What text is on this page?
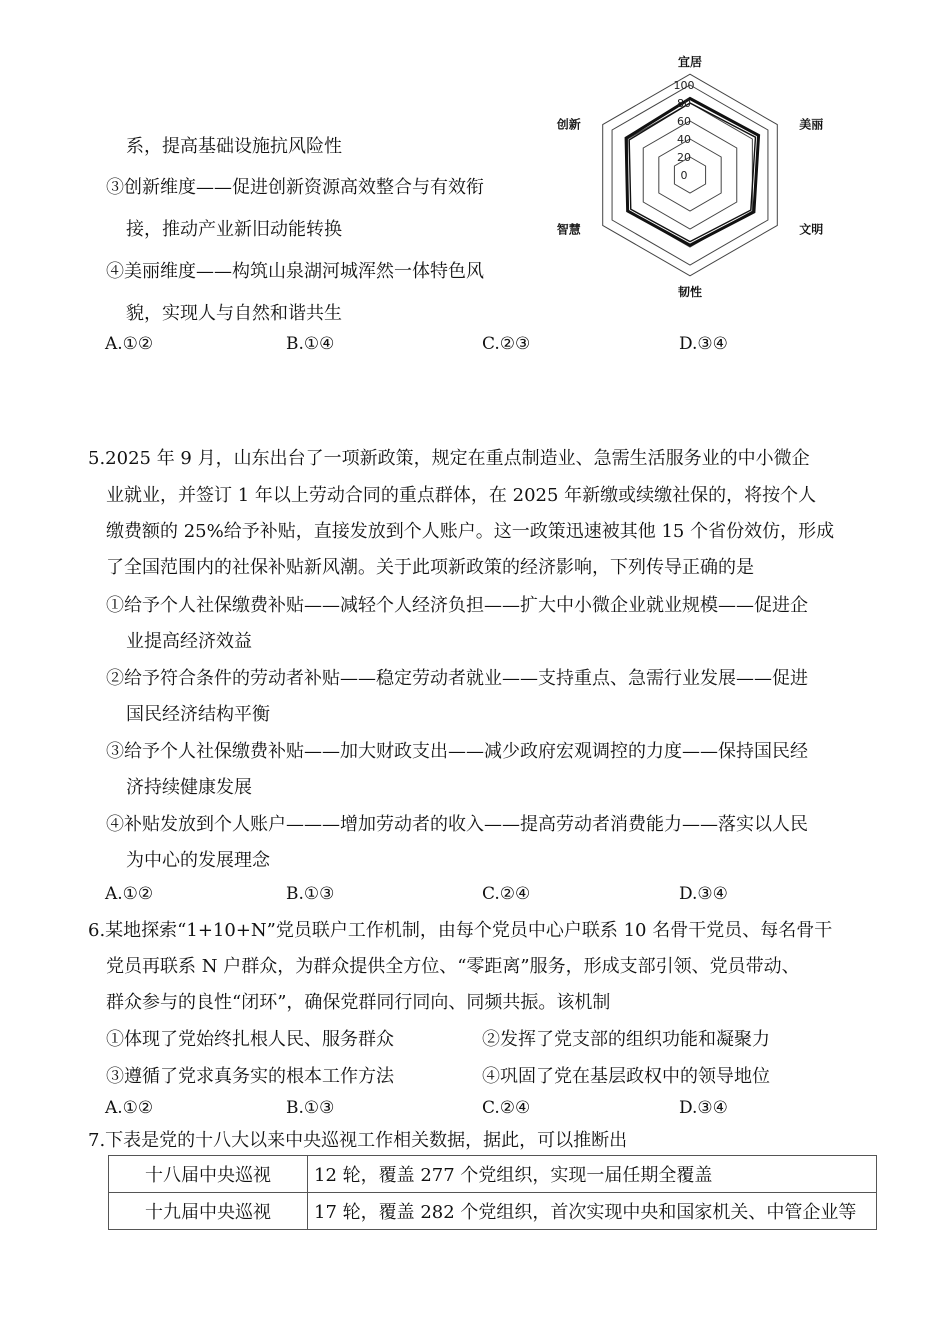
系，提高基础设施抗风险性
③创新维度——促进创新资源高效整合与有效衔
接，推动产业新旧动能转换
④美丽维度——构筑山泉湖河城浑然一体特色风
貌，实现人与自然和谐共生
A.①②	B.①④	C.②③	D.③④
0
20
40
60
80
100
宜居
美丽
文明
韧性
智慧
创新
5.2025 年 9 月，山东出台了一项新政策，规定在重点制造业、急需生活服务业的中小微企
业就业，并签订 1 年以上劳动合同的重点群体，在 2025 年新缴或续缴社保的，将按个人
缴费额的 25%给予补贴，直接发放到个人账户。这一政策迅速被其他 15 个省份效仿，形成
了全国范围内的社保补贴新风潮。关于此项新政策的经济影响，下列传导正确的是
①给予个人社保缴费补贴——减轻个人经济负担——扩大中小微企业就业规模——促进企
业提高经济效益
②给予符合条件的劳动者补贴——稳定劳动者就业——支持重点、急需行业发展——促进
国民经济结构平衡
③给予个人社保缴费补贴——加大财政支出——减少政府宏观调控的力度——保持国民经
济持续健康发展
④补贴发放到个人账户———增加劳动者的收入——提高劳动者消费能力——落实以人民
为中心的发展理念
A.①②	B.①③	C.②④	D.③④
6.某地探索“1+10+N”党员联户工作机制，由每个党员中心户联系 10 名骨干党员、每名骨干
党员再联系 N 户群众，为群众提供全方位、“零距离”服务，形成支部引领、党员带动、
群众参与的良性“闭环”，确保党群同行同向、同频共振。该机制
①体现了党始终扎根人民、服务群众	②发挥了党支部的组织功能和凝聚力
③遵循了党求真务实的根本工作方法	④巩固了党在基层政权中的领导地位
A.①②	B.①③	C.②④	D.③④
7.下表是党的十八大以来中央巡视工作相关数据，据此，可以推断出
十八届中央巡视	12 轮，覆盖 277 个党组织，实现一届任期全覆盖
十九届中央巡视	17 轮，覆盖 282 个党组织，首次实现中央和国家机关、中管企业等
